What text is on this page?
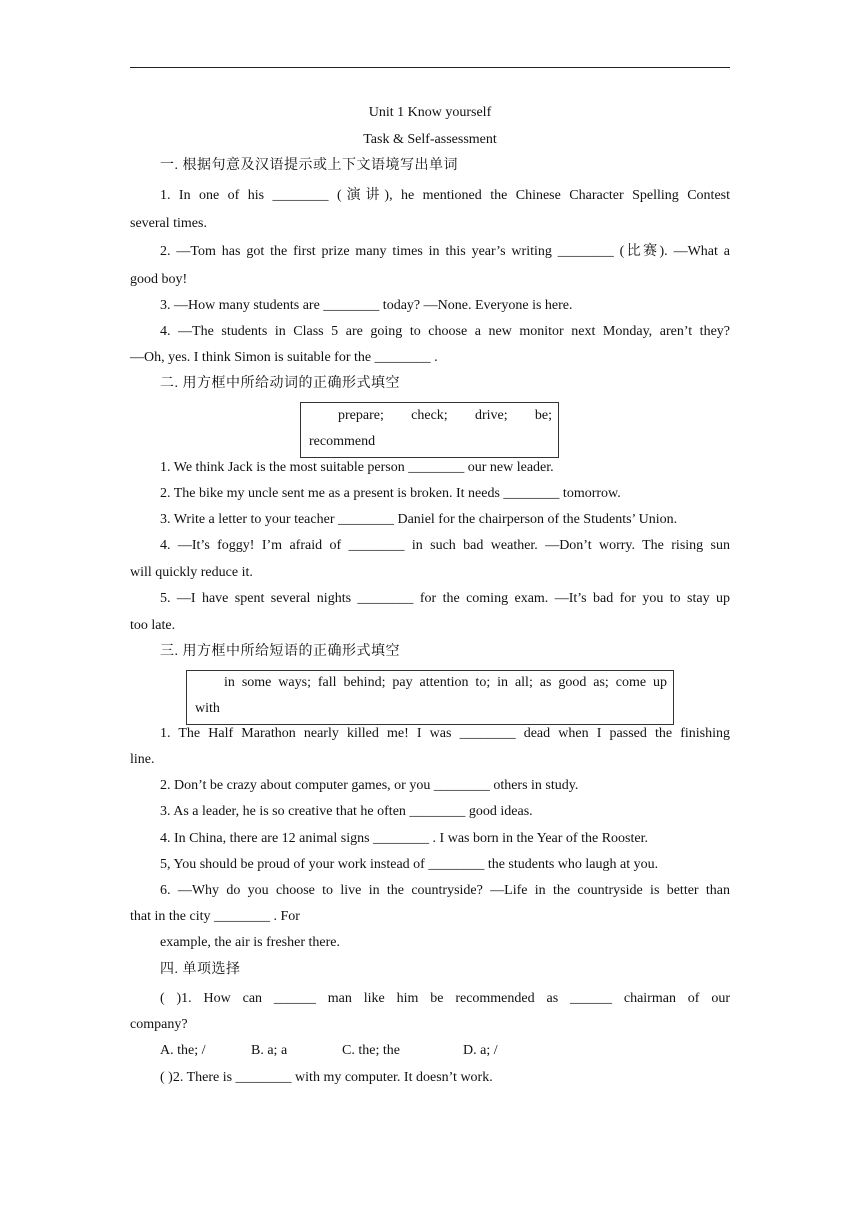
Unit 1 Know yourself
Task & Self-assessment
一. 根据句意及汉语提示或上下文语境写出单词
1. In one of his ________ (演讲), he mentioned the Chinese Character Spelling Contest
several times.
2. —Tom has got the first prize many times in this year’s writing ________ (比赛). —What a
good boy!
3. —How many students are ________ today? —None. Everyone is here.
4. —The students in Class 5 are going to choose a new monitor next Monday, aren’t they?
—Oh, yes. I think Simon is suitable for the ________ .
二. 用方框中所给动词的正确形式填空
prepare; check; drive; be;
recommend
1. We think Jack is the most suitable person ________ our new leader.
2. The bike my uncle sent me as a present is broken. It needs ________ tomorrow.
3. Write a letter to your teacher ________ Daniel for the chairperson of the Students’ Union.
4. —It’s foggy! I’m afraid of ________ in such bad weather. —Don’t worry. The rising sun
will quickly reduce it.
5. —I have spent several nights ________ for the coming exam. —It’s bad for you to stay up
too late.
三. 用方框中所给短语的正确形式填空
in some ways; fall behind; pay attention to; in all; as good as; come up
with
1. The Half Marathon nearly killed me! I was ________ dead when I passed the finishing
line.
2. Don’t be crazy about computer games, or you ________ others in study.
3. As a leader, he is so creative that he often ________ good ideas.
4. In China, there are 12 animal signs ________ . I was born in the Year of the Rooster.
5, You should be proud of your work instead of ________ the students who laugh at you.
6. —Why do you choose to live in the countryside? —Life in the countryside is better than
that in the city ________ . For
example, the air is fresher there.
四. 单项选择
( )1. How can ______ man like him be recommended as ______ chairman of our
company?
A. the; /	B. a; a	C. the; the	D. a; /
( )2. There is ________ with my computer. It doesn’t work.
